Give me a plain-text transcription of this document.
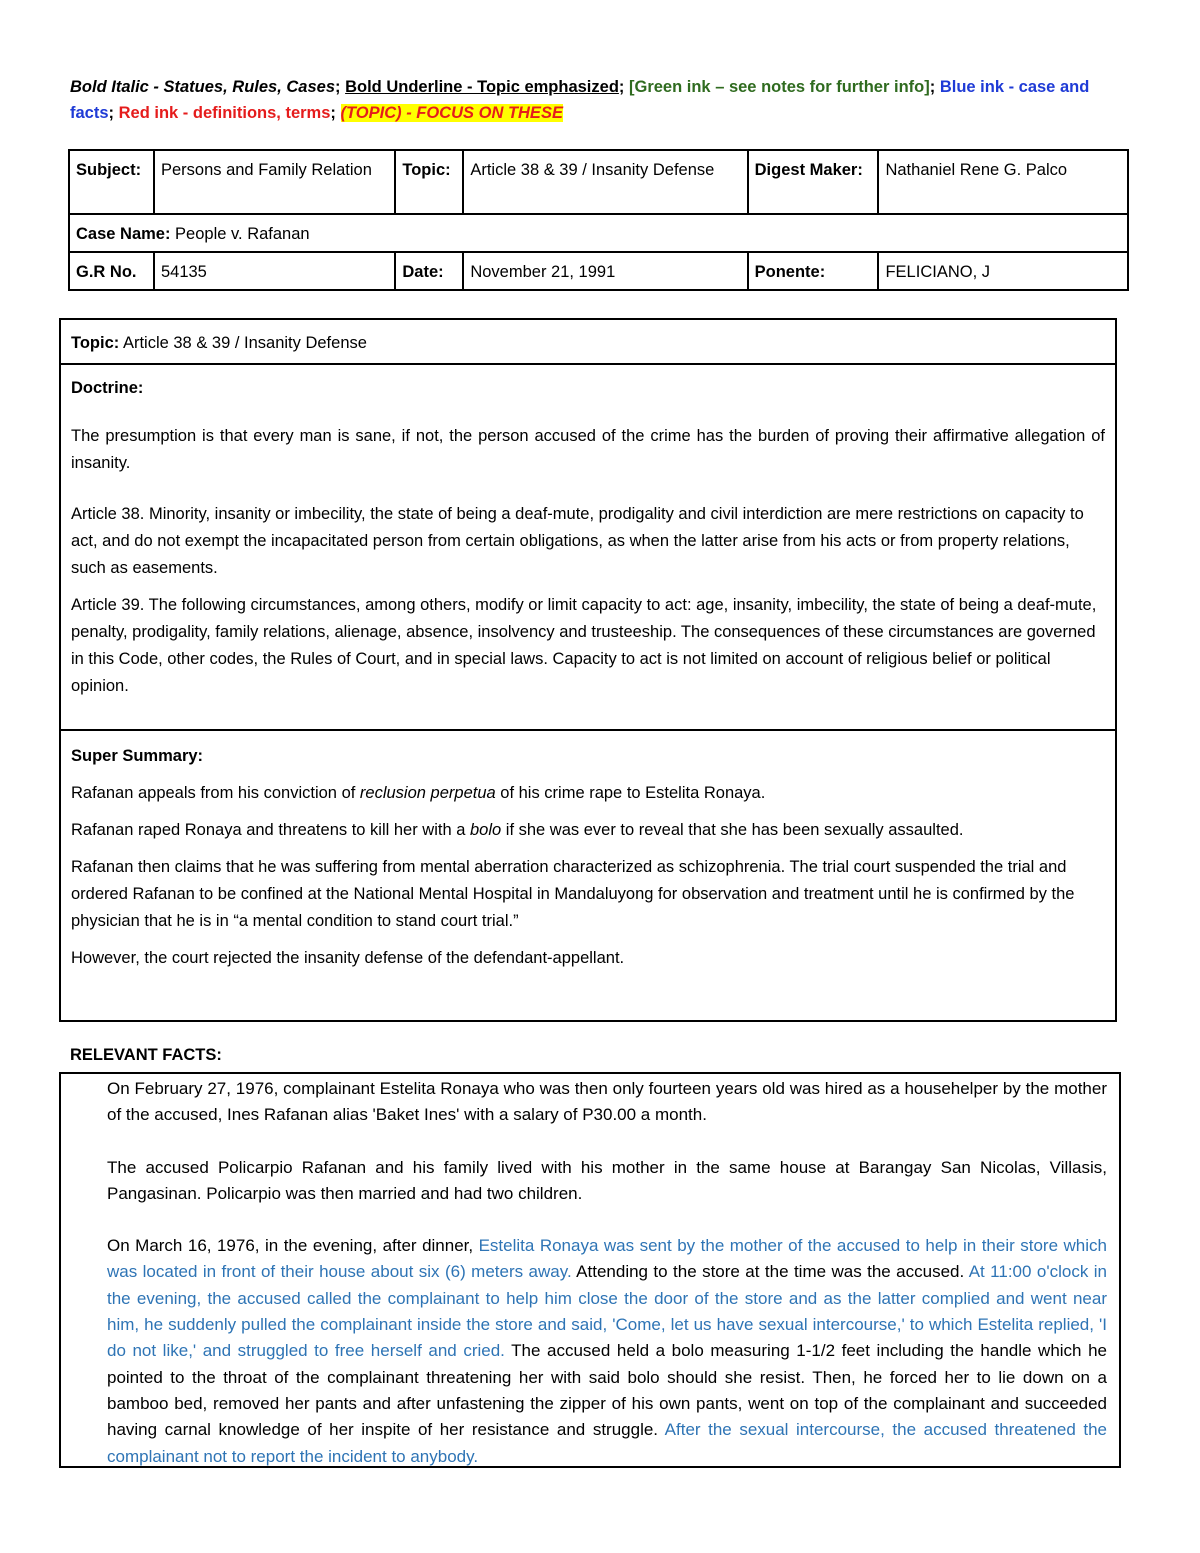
Bold Italic - Statues, Rules, Cases; Bold Underline - Topic emphasized; [Green ink – see notes for further info]; Blue ink - case and facts; Red ink - definitions, terms; (TOPIC) - FOCUS ON THESE
Subject:	Persons and Family Relation	Topic:	Article 38 & 39 / Insanity Defense	Digest Maker:	Nathaniel Rene G. Palco
Case Name: People v. Rafanan					
G.R No.	54135	Date:	November 21, 1991	Ponente:	FELICIANO, J
Topic: Article 38 & 39 / Insanity Defense

Doctrine:

The presumption is that every man is sane, if not, the person accused of the crime has the burden of proving their affirmative allegation of insanity.

Article 38. Minority, insanity or imbecility, the state of being a deaf-mute, prodigality and civil interdiction are mere restrictions on capacity to act, and do not exempt the incapacitated person from certain obligations, as when the latter arise from his acts or from property relations, such as easements.

Article 39. The following circumstances, among others, modify or limit capacity to act: age, insanity, imbecility, the state of being a deaf-mute, penalty, prodigality, family relations, alienage, absence, insolvency and trusteeship. The consequences of these circumstances are governed in this Code, other codes, the Rules of Court, and in special laws. Capacity to act is not limited on account of religious belief or political opinion.

Super Summary:

Rafanan appeals from his conviction of reclusion perpetua of his crime rape to Estelita Ronaya.

Rafanan raped Ronaya and threatens to kill her with a bolo if she was ever to reveal that she has been sexually assaulted.

Rafanan then claims that he was suffering from mental aberration characterized as schizophrenia. The trial court suspended the trial and ordered Rafanan to be confined at the National Mental Hospital in Mandaluyong for observation and treatment until he is confirmed by the physician that he is in “a mental condition to stand court trial.”

However, the court rejected the insanity defense of the defendant-appellant.

RELEVANT FACTS:

On February 27, 1976, complainant Estelita Ronaya who was then only fourteen years old was hired as a househelper by the mother of the accused, Ines Rafanan alias 'Baket Ines' with a salary of P30.00 a month.

The accused Policarpio Rafanan and his family lived with his mother in the same house at Barangay San Nicolas, Villasis, Pangasinan. Policarpio was then married and had two children.

On March 16, 1976, in the evening, after dinner, Estelita Ronaya was sent by the mother of the accused to help in their store which was located in front of their house about six (6) meters away. Attending to the store at the time was the accused. At 11:00 o'clock in the evening, the accused called the complainant to help him close the door of the store and as the latter complied and went near him, he suddenly pulled the complainant inside the store and said, 'Come, let us have sexual intercourse,' to which Estelita replied, 'I do not like,' and struggled to free herself and cried. The accused held a bolo measuring 1-1/2 feet including the handle which he pointed to the throat of the complainant threatening her with said bolo should she resist. Then, he forced her to lie down on a bamboo bed, removed her pants and after unfastening the zipper of his own pants, went on top of the complainant and succeeded having carnal knowledge of her inspite of her resistance and struggle. After the sexual intercourse, the accused threatened the complainant not to report the incident to anybody.
